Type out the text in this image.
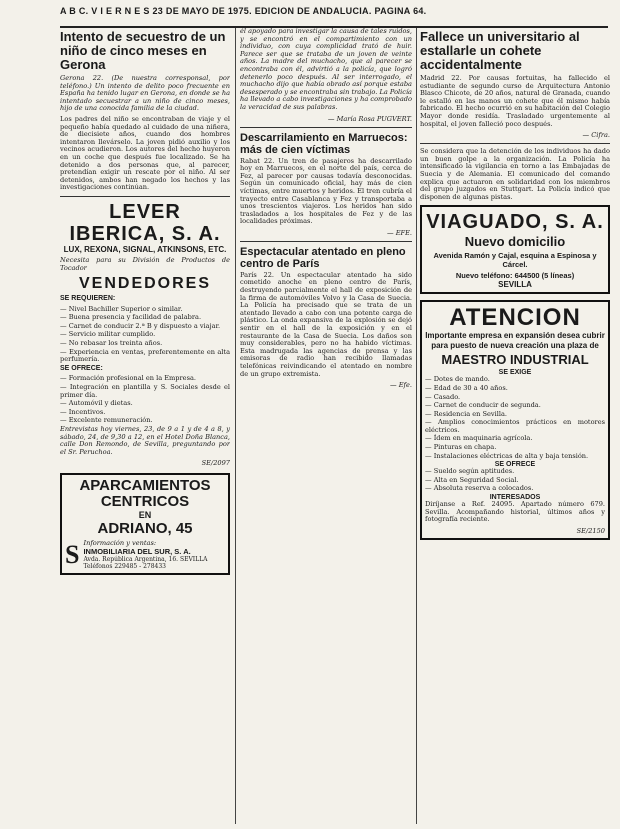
A B C. V I E R N E S 23 DE MAYO DE 1975. EDICION DE ANDALUCIA. PAGINA 64.
Intento de secuestro de un niño de cinco meses en Gerona

Gerona 22. (De nuestra corresponsal, por teléfono.) Un intento de delito poco frecuente en España ha tenido lugar en Gerona, en donde se ha intentado secuestrar a un niño de cinco meses, hijo de una conocida familia de la ciudad.

Los padres del niño se encontraban de viaje y el pequeño había quedado al cuidado de una niñera, de diecisiete años, cuando dos hombres intentaron llevárselo. La joven pidió auxilio y los vecinos acudieron. Los autores del hecho huyeron en un coche que después fue localizado. Se ha detenido a dos personas que, al parecer, pretendían exigir un rescate por el niño. Al ser detenidos, ambos han negado los hechos y las investigaciones continúan.

LEVER IBERICA, S. A.
LUX, REXONA, SIGNAL, ATKINSONS, ETC.

Necesita para su División de Productos de Tocador

VENDEDORES

SE REQUIEREN:

— Nivel Bachiller Superior o similar.

— Buena presencia y facilidad de palabra.

— Carnet de conducir 2.ª B y dispuesto a viajar.

— Servicio militar cumplido.

— No rebasar los treinta años.

— Experiencia en ventas, preferentemente en alta perfumería.

SE OFRECE:

— Formación profesional en la Empresa.

— Integración en plantilla y S. Sociales desde el primer día.

— Automóvil y dietas.

— Incentivos.

— Excelente remuneración.

Entrevistas hoy viernes, 23, de 9 a 1 y de 4 a 8, y sábado, 24, de 9,30 a 12, en el Hotel Doña Blanca, calle Don Remondo, de Sevilla, preguntando por el Sr. Peruchoa.

SE/2097
APARCAMIENTOS
CENTRICOS
EN
ADRIANO, 45
S Información y ventas:
INMOBILIARIA DEL SUR, S. A.
Avda. República Argentina, 16. SEVILLA
Teléfonos 229485 - 278433

él apoyado para investigar la causa de tales ruidos, y se encontró en el compartimiento con un individuo, con cuya complicidad trató de huir. Parece ser que se trataba de un joven de veinte años. La madre del muchacho, que al parecer se encontraba con él, advirtió a la policía, que logró detenerlo poco después. Al ser interrogado, el muchacho dijo que había obrado así porque estaba desesperado y se encontraba sin trabajo. La Policía ha llevado a cabo investigaciones y ha comprobado la veracidad de sus palabras.

— María Rosa PUGVERT.
Descarrilamiento en Marruecos: más de cien víctimas

Rabat 22. Un tren de pasajeros ha descarrilado hoy en Marruecos, en el norte del país, cerca de Fez, al parecer por causas todavía desconocidas. Según un comunicado oficial, hay más de cien víctimas, entre muertos y heridos. El tren cubría el trayecto entre Casablanca y Fez y transportaba a unos trescientos viajeros. Los heridos han sido trasladados a los hospitales de Fez y de las localidades próximas.

— EFE.
Espectacular atentado en pleno centro de París

París 22. Un espectacular atentado ha sido cometido anoche en pleno centro de París, destruyendo parcialmente el hall de exposición de la firma de automóviles Volvo y la Casa de Suecia. La Policía ha precisado que se trata de un atentado llevado a cabo con una potente carga de plástico. La onda expansiva de la explosión se dejó sentir en el hall de la exposición y en el restaurante de la Casa de Suecia. Los daños son muy considerables, pero no ha habido víctimas. Esta madrugada las agencias de prensa y las emisoras de radio han recibido llamadas telefónicas reivindicando el atentado en nombre de un grupo extremista.

— Efe.
Fallece un universitario al estallarle un cohete accidentalmente

Madrid 22. Por causas fortuitas, ha fallecido el estudiante de segundo curso de Arquitectura Antonio Blasco Chicote, de 20 años, natural de Granada, cuando le estalló en las manos un cohete que él mismo había fabricado. El hecho ocurrió en su habitación del Colegio Mayor donde residía. Trasladado urgentemente al hospital, el joven falleció poco después.

— Cifra.

Se considera que la detención de los individuos ha dado un buen golpe a la organización. La Policía ha intensificado la vigilancia en torno a las Embajadas de Suecia y de Alemania. El comunicado del comando explica que actuaron en solidaridad con los miembros del grupo juzgados en Stuttgart. La Policía indicó que disponen de algunas pistas.

VIAGUADO, S. A.
Nuevo domicilio
Avenida Ramón y Cajal, esquina a Espinosa y Cárcel.
Nuevo teléfono: 644500 (5 líneas)
SEVILLA
ATENCION
Importante empresa en expansión desea cubrir para puesto de nueva creación una plaza de
MAESTRO INDUSTRIAL
SE EXIGE

— Dotes de mando.

— Edad de 30 a 40 años.

— Casado.

— Carnet de conducir de segunda.

— Residencia en Sevilla.

— Amplios conocimientos prácticos en motores eléctricos.

— Ídem en maquinaria agrícola.

— Pinturas en chapa.

— Instalaciones eléctricas de alta y baja tensión.

SE OFRECE

— Sueldo según aptitudes.

— Alta en Seguridad Social.

— Absoluta reserva a colocados.

INTERESADOS

Diríjanse a Ref. 24095. Apartado número 679. Sevilla. Acompañando historial, últimos años y fotografía reciente.

SE/2150
